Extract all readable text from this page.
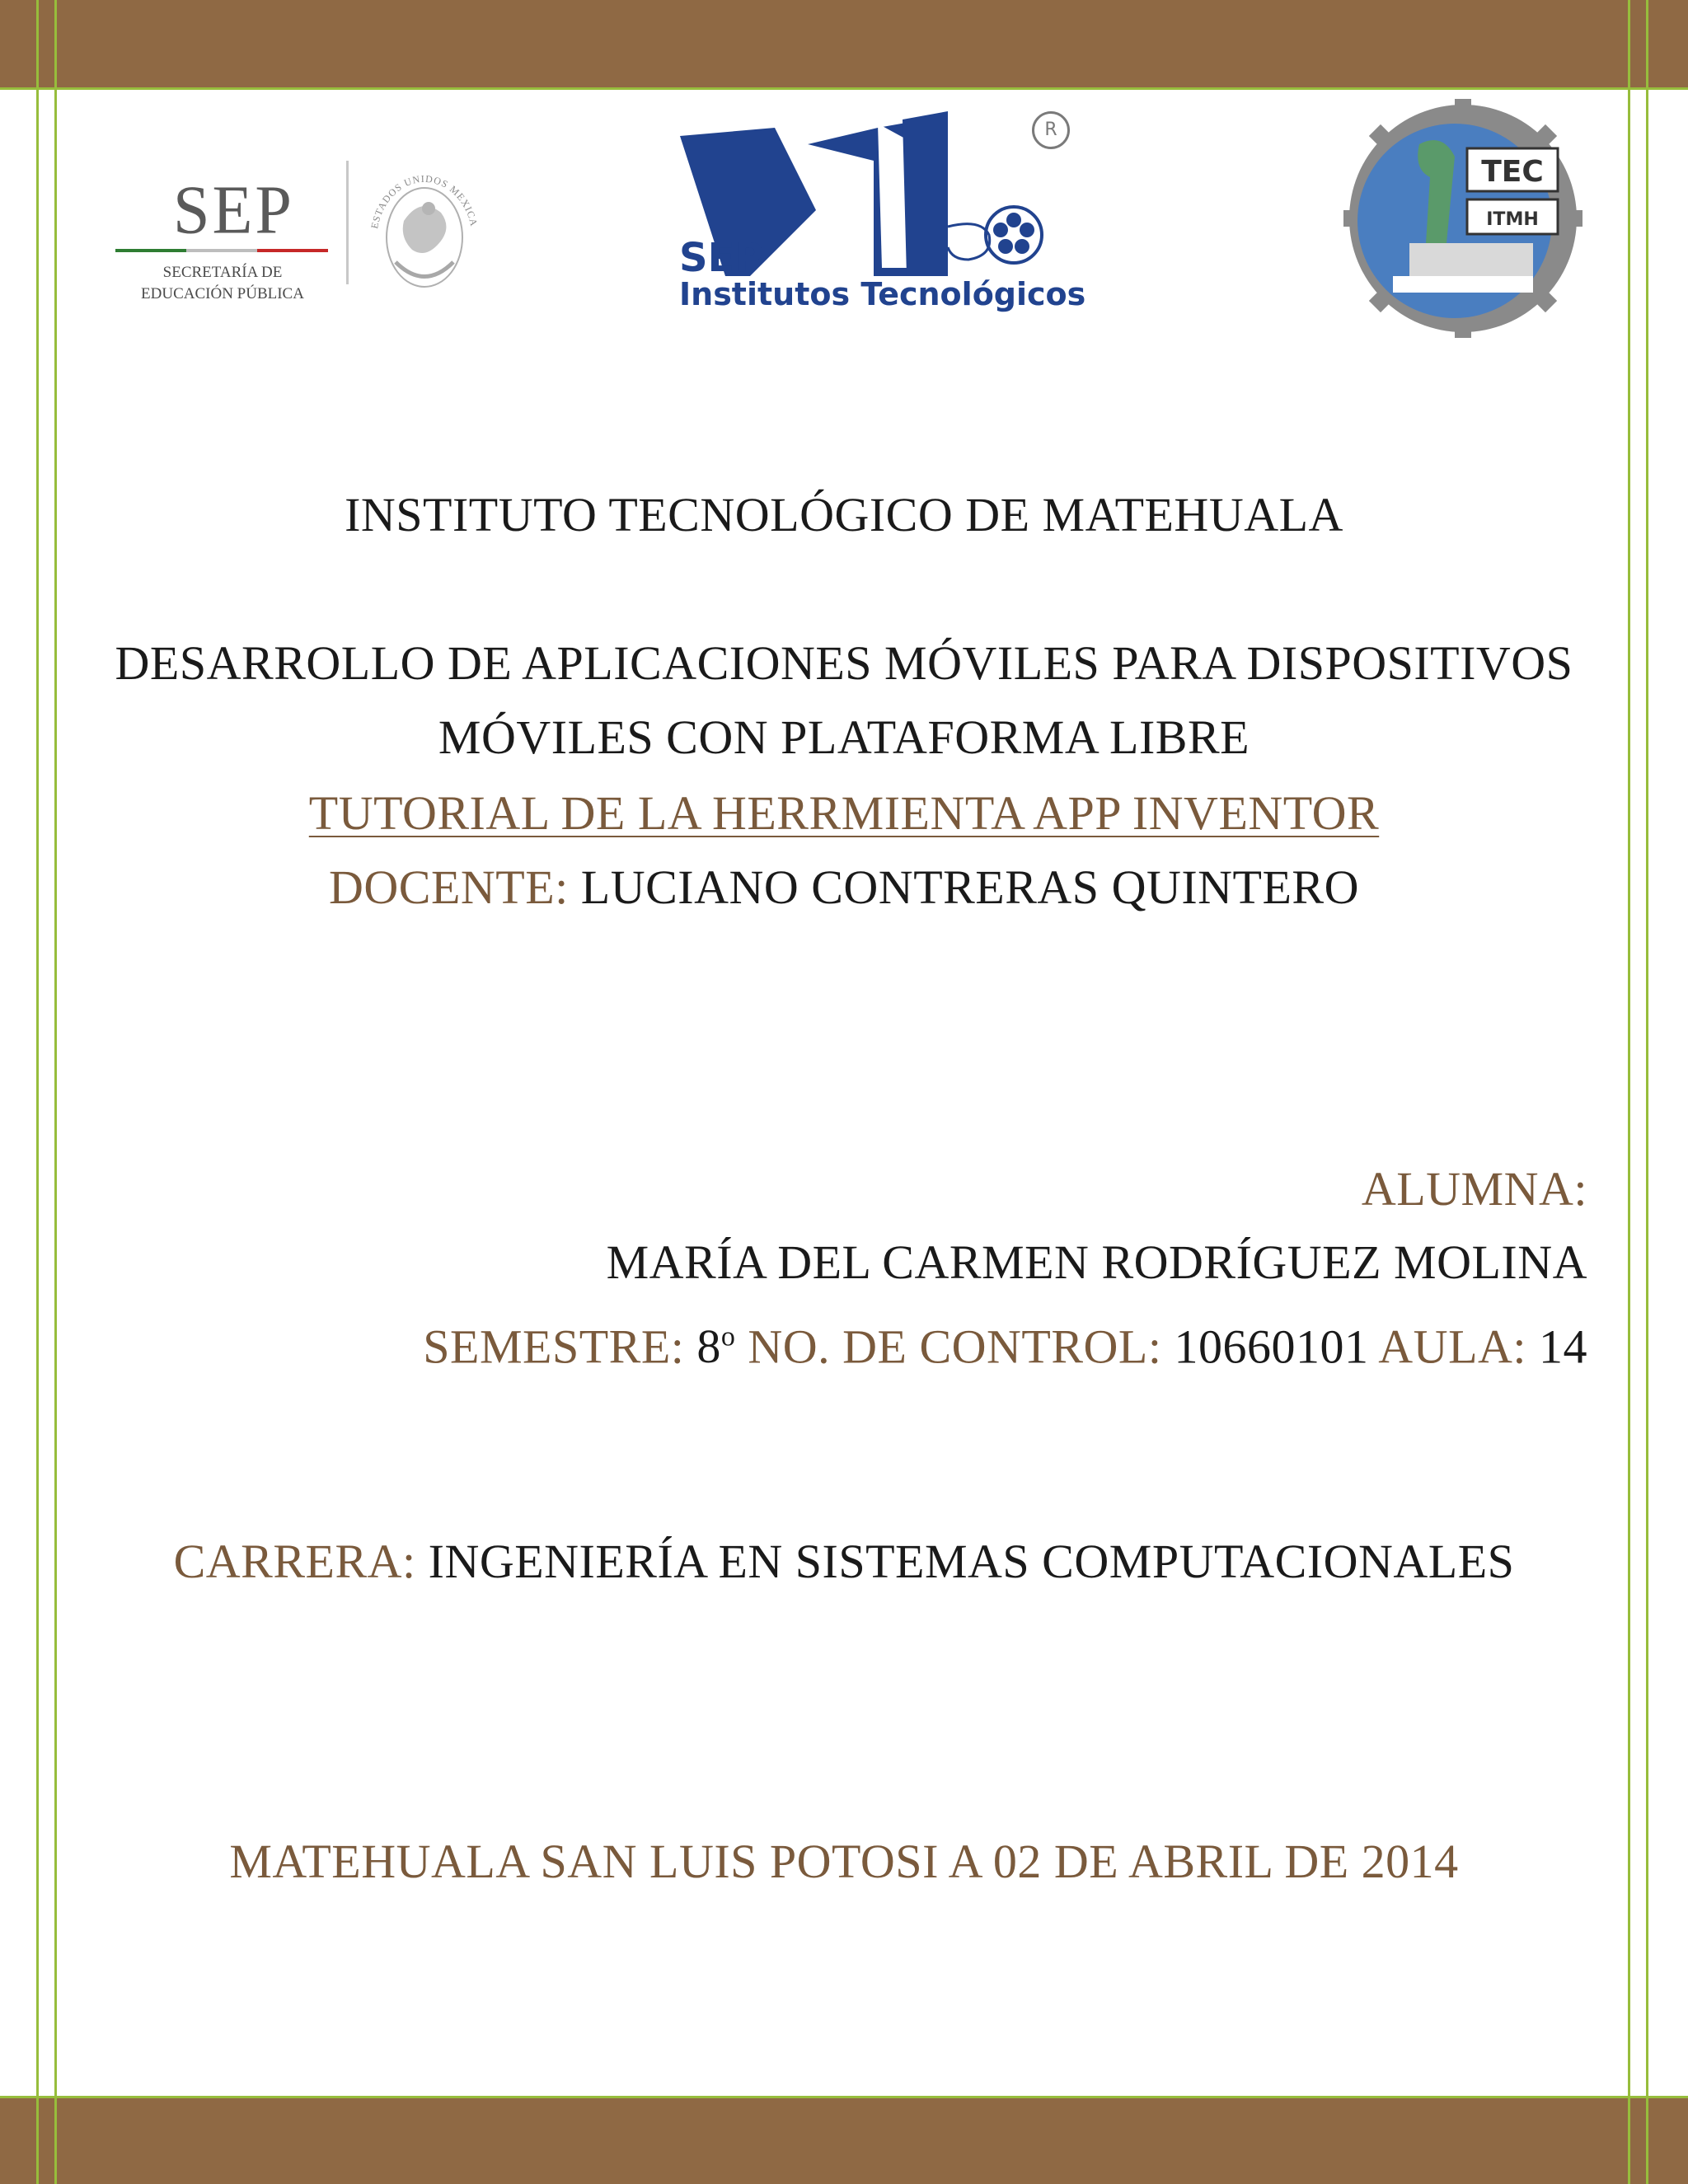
SEP
SECRETARÍA DE
EDUCACIÓN PÚBLICA
ESTADOS UNIDOS MEXICA
R
SEP
Institutos Tecnológicos
TEC
ITMH
INSTITUTO TECNOLÓGICO DE MATEHUALA
DESARROLLO DE APLICACIONES MÓVILES PARA DISPOSITIVOS
MÓVILES CON PLATAFORMA LIBRE
TUTORIAL DE LA HERRMIENTA APP INVENTOR
DOCENTE: LUCIANO CONTRERAS QUINTERO
ALUMNA:
MARÍA DEL CARMEN RODRÍGUEZ MOLINA
SEMESTRE: 8$^o$ NO. DE CONTROL: 10660101 AULA: 14
CARRERA: INGENIERÍA EN SISTEMAS COMPUTACIONALES
MATEHUALA SAN LUIS POTOSI A 02 DE ABRIL DE 2014
